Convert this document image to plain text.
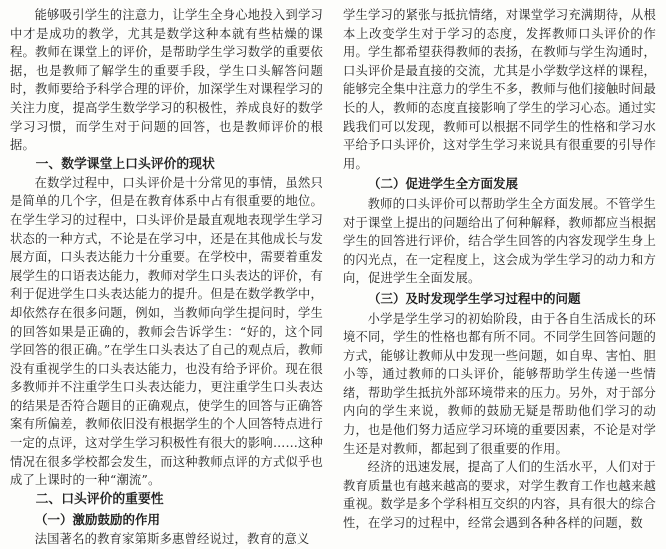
能够吸引学生的注意力，让学生全身心地投入到学习中才是成功的教学，尤其是数学这种本就有些枯燥的课程。教师在课堂上的评价，是帮助学生学习数学的重要依据，也是教师了解学生的重要手段，学生口头解答问题时，教师要给予科学合理的评价，加深学生对课程学习的关注力度，提高学生数学学习的积极性，养成良好的数学学习习惯，而学生对于问题的回答，也是教师评价的根据。

一、数学课堂上口头评价的现状

在数学过程中，口头评价是十分常见的事情，虽然只是简单的几个字，但是在教育体系中占有很重要的地位。在学生学习的过程中，口头评价是最直观地表现学生学习状态的一种方式，不论是在学习中，还是在其他成长与发展方面，口头表达能力十分重要。在学校中，需要着重发展学生的口语表达能力，教师对学生口头表达的评价，有利于促进学生口头表达能力的提升。但是在数学教学中，却依然存在很多问题，例如，当教师向学生提问时，学生的回答如果是正确的，教师会告诉学生：“好的，这个同学回答的很正确。”在学生口头表达了自己的观点后，教师没有重视学生的口头表达能力，也没有给予评价。现在很多教师并不注重学生口头表达能力，更注重学生口头表达的结果是否符合题目的正确观点，使学生的回答与正确答案有所偏差，教师依旧没有根据学生的个人回答特点进行一定的点评，这对学生学习积极性有很大的影响……这种情况在很多学校都会发生，而这种教师点评的方式似乎也成了上课时的一种“潮流”。

二、口头评价的重要性

（一）激励鼓励的作用

法国著名的教育家第斯多惠曾经说过，教育的意义

学生学习的紧张与抵抗情绪，对课堂学习充满期待，从根本上改变学生对于学习的态度，发挥教师口头评价的作用。学生都希望获得教师的表扬，在教师与学生沟通时，口头评价是最直接的交流，尤其是小学数学这样的课程，能够完全集中注意力的学生不多，教师与他们接触时间最长的人，教师的态度直接影响了学生的学习心态。通过实践我们可以发现，教师可以根据不同学生的性格和学习水平给予口头评价，这对学生学习来说具有很重要的引导作用。

（二）促进学生全方面发展

教师的口头评价可以帮助学生全方面发展。不管学生对于课堂上提出的问题给出了何种解释，教师都应当根据学生的回答进行评价，结合学生回答的内容发现学生身上的闪光点，在一定程度上，这会成为学生学习的动力和方向，促进学生全面发展。

（三）及时发现学生学习过程中的问题

小学是学生学习的初始阶段，由于各自生活成长的环境不同，学生的性格也都有所不同。不同学生回答问题的方式，能够让教师从中发现一些问题，如自卑、害怕、胆小等，通过教师的口头评价，能够帮助学生传递一些情绪，帮助学生抵抗外部环境带来的压力。另外，对于部分内向的学生来说，教师的鼓励无疑是帮助他们学习的动力，也是他们努力适应学习环境的重要因素，不论是对学生还是对教师，都起到了很重要的作用。

经济的迅速发展，提高了人们的生活水平，人们对于教育质量也有越来越高的要求，对学生教育工作也越来越重视。数学是多个学科相互交织的内容，具有很大的综合性，在学习的过程中，经常会遇到各种各样的问题，数
